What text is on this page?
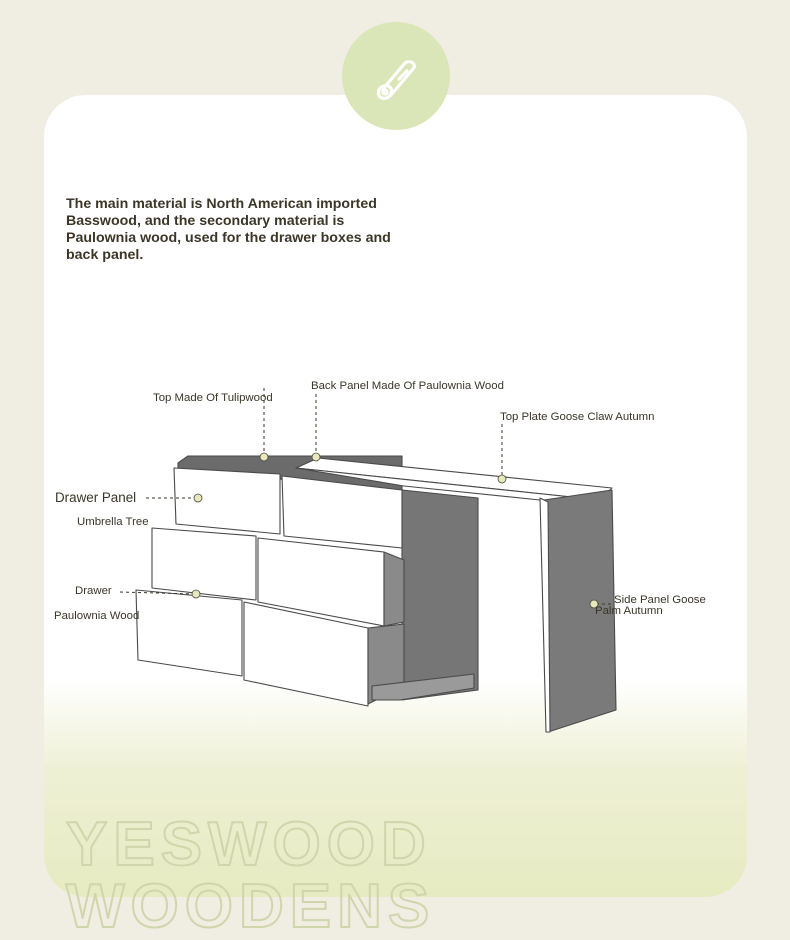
The main material is North American imported
Basswood, and the secondary material is
Paulownia wood, used for the drawer boxes and
back panel.

Top Made Of Tulipwood
Back Panel Made Of Paulownia Wood
Top Plate Goose Claw Autumn
Drawer Panel
Umbrella Tree
Drawer
Paulownia Wood
Side Panel Goose
Palm Autumn
YESWOOD
WOODENS
